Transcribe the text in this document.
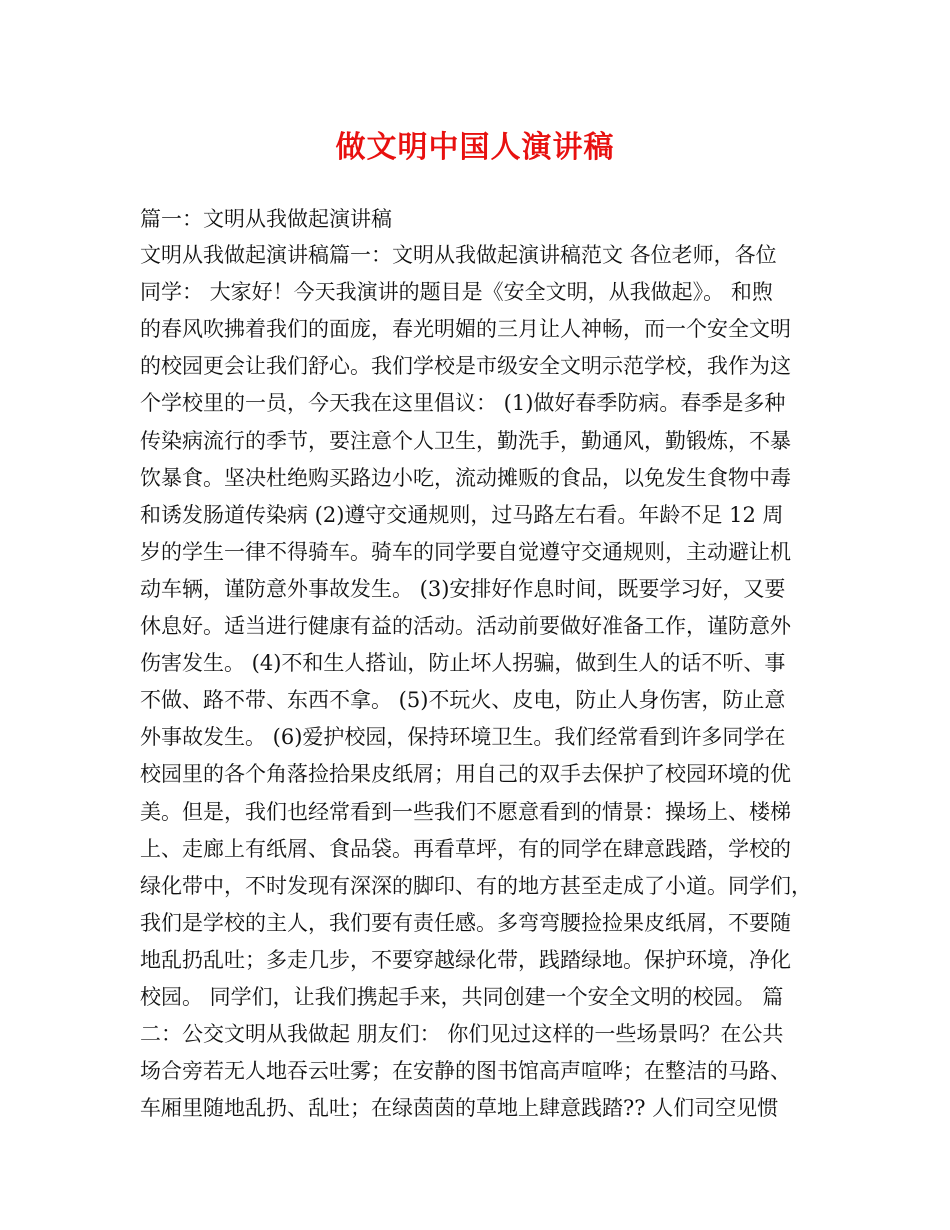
做文明中国人演讲稿
篇一：文明从我做起演讲稿
文明从我做起演讲稿篇一：文明从我做起演讲稿范文 各位老师，各位
同学： 大家好！今天我演讲的题目是《安全文明，从我做起》。 和煦
的春风吹拂着我们的面庞，春光明媚的三月让人神畅，而一个安全文明
的校园更会让我们舒心。我们学校是市级安全文明示范学校，我作为这
个学校里的一员，今天我在这里倡议： (1)做好春季防病。春季是多种
传染病流行的季节，要注意个人卫生，勤洗手，勤通风，勤锻炼，不暴
饮暴食。坚决杜绝购买路边小吃，流动摊贩的食品，以免发生食物中毒
和诱发肠道传染病 (2)遵守交通规则，过马路左右看。年龄不足 12 周
岁的学生一律不得骑车。骑车的同学要自觉遵守交通规则，主动避让机
动车辆，谨防意外事故发生。 (3)安排好作息时间，既要学习好，又要
休息好。适当进行健康有益的活动。活动前要做好准备工作，谨防意外
伤害发生。 (4)不和生人搭讪，防止坏人拐骗，做到生人的话不听、事
不做、路不带、东西不拿。 (5)不玩火、皮电，防止人身伤害，防止意
外事故发生。 (6)爱护校园，保持环境卫生。我们经常看到许多同学在
校园里的各个角落捡拾果皮纸屑；用自己的双手去保护了校园环境的优
美。但是，我们也经常看到一些我们不愿意看到的情景：操场上、楼梯
上、走廊上有纸屑、食品袋。再看草坪，有的同学在肆意践踏，学校的
绿化带中，不时发现有深深的脚印、有的地方甚至走成了小道。同学们，
我们是学校的主人，我们要有责任感。多弯弯腰捡捡果皮纸屑，不要随
地乱扔乱吐；多走几步，不要穿越绿化带，践踏绿地。保护环境，净化
校园。 同学们，让我们携起手来，共同创建一个安全文明的校园。 篇
二：公交文明从我做起 朋友们： 你们见过这样的一些场景吗？在公共
场合旁若无人地吞云吐雾；在安静的图书馆高声喧哗；在整洁的马路、
车厢里随地乱扔、乱吐；在绿茵茵的草地上肆意践踏?? 人们司空见惯
